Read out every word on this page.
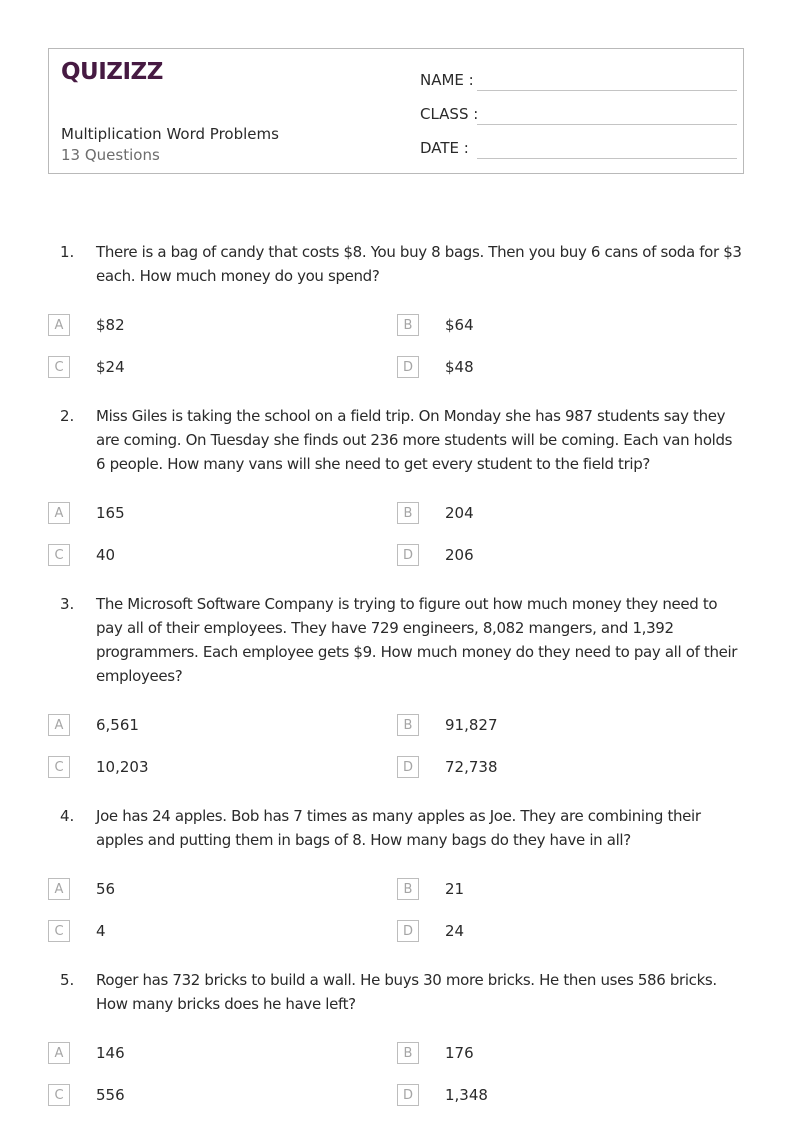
QUIZIZZ
Multiplication Word Problems
13 Questions
NAME :
CLASS :
DATE :
1. There is a bag of candy that costs $8. You buy 8 bags. Then you buy 6 cans of soda for $3 each. How much money do you spend?

A	$82	B	$64
C	$24	D	$48
2. Miss Giles is taking the school on a field trip. On Monday she has 987 students say they are coming. On Tuesday she finds out 236 more students will be coming. Each van holds 6 people. How many vans will she need to get every student to the field trip?

A	165	B	204
C	40	D	206
3. The Microsoft Software Company is trying to figure out how much money they need to pay all of their employees. They have 729 engineers, 8,082 mangers, and 1,392 programmers. Each employee gets $9. How much money do they need to pay all of their employees?

A	6,561	B	91,827
C	10,203	D	72,738
4. Joe has 24 apples. Bob has 7 times as many apples as Joe. They are combining their apples and putting them in bags of 8. How many bags do they have in all?

A	56	B	21
C	4	D	24
5. Roger has 732 bricks to build a wall. He buys 30 more bricks. He then uses 586 bricks. How many bricks does he have left?

A	146	B	176
C	556	D	1,348
